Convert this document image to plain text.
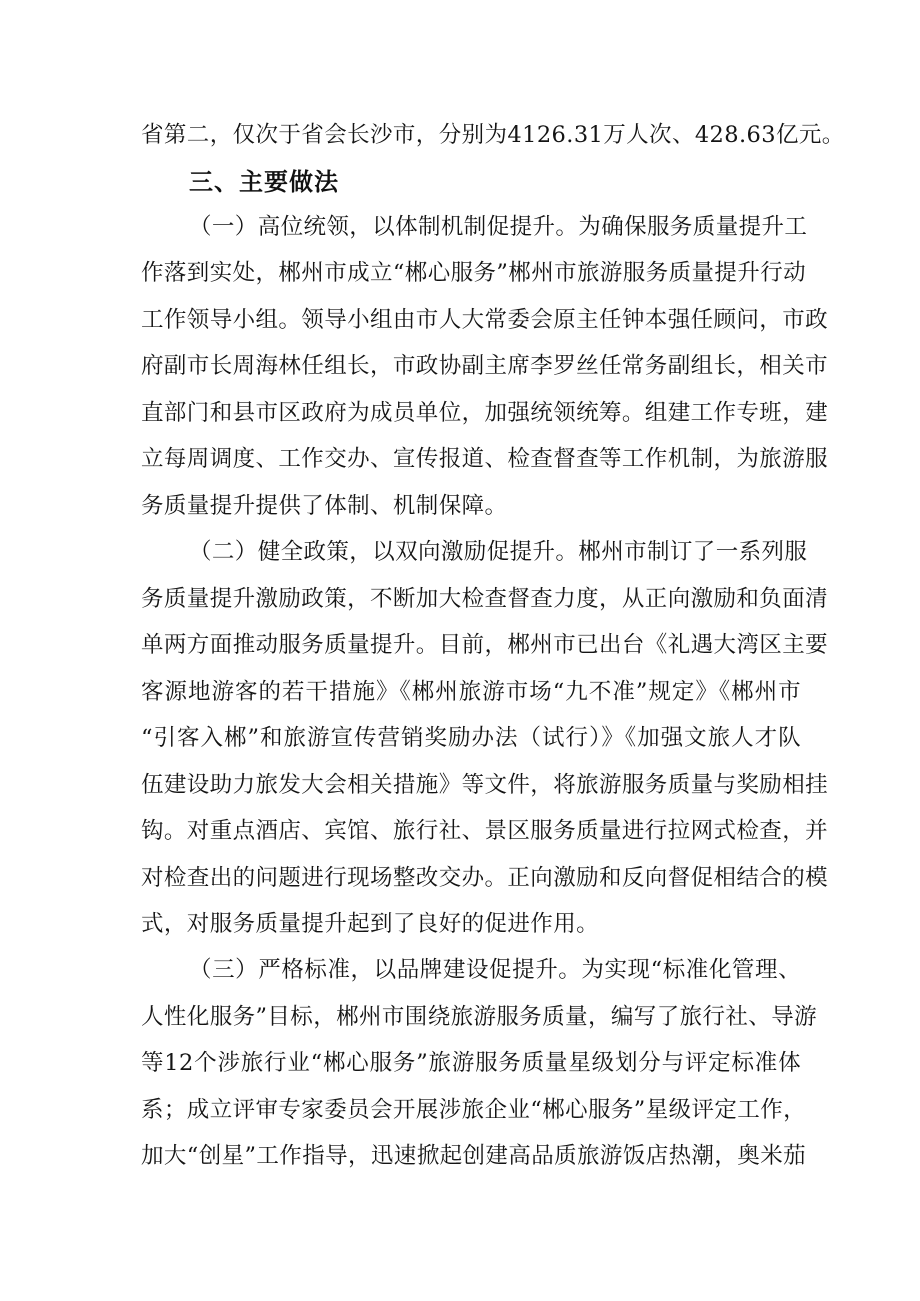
省第二，仅次于省会长沙市，分别为4126.31万人次、428.63亿元。
三、主要做法
（一）高位统领，以体制机制促提升。为确保服务质量提升工
作落到实处，郴州市成立“郴心服务”郴州市旅游服务质量提升行动
工作领导小组。领导小组由市人大常委会原主任钟本强任顾问，市政
府副市长周海林任组长，市政协副主席李罗丝任常务副组长，相关市
直部门和县市区政府为成员单位，加强统领统筹。组建工作专班，建
立每周调度、工作交办、宣传报道、检查督查等工作机制，为旅游服
务质量提升提供了体制、机制保障。
（二）健全政策，以双向激励促提升。郴州市制订了一系列服
务质量提升激励政策，不断加大检查督查力度，从正向激励和负面清
单两方面推动服务质量提升。目前，郴州市已出台《礼遇大湾区主要
客源地游客的若干措施》《郴州旅游市场“九不准”规定》《郴州市
“引客入郴”和旅游宣传营销奖励办法（试行）》《加强文旅人才队
伍建设助力旅发大会相关措施》等文件，将旅游服务质量与奖励相挂
钩。对重点酒店、宾馆、旅行社、景区服务质量进行拉网式检查，并
对检查出的问题进行现场整改交办。正向激励和反向督促相结合的模
式，对服务质量提升起到了良好的促进作用。
（三）严格标准，以品牌建设促提升。为实现“标准化管理、
人性化服务”目标，郴州市围绕旅游服务质量，编写了旅行社、导游
等12个涉旅行业“郴心服务”旅游服务质量星级划分与评定标准体
系；成立评审专家委员会开展涉旅企业“郴心服务”星级评定工作，
加大“创星”工作指导，迅速掀起创建高品质旅游饭店热潮，奥米茄
